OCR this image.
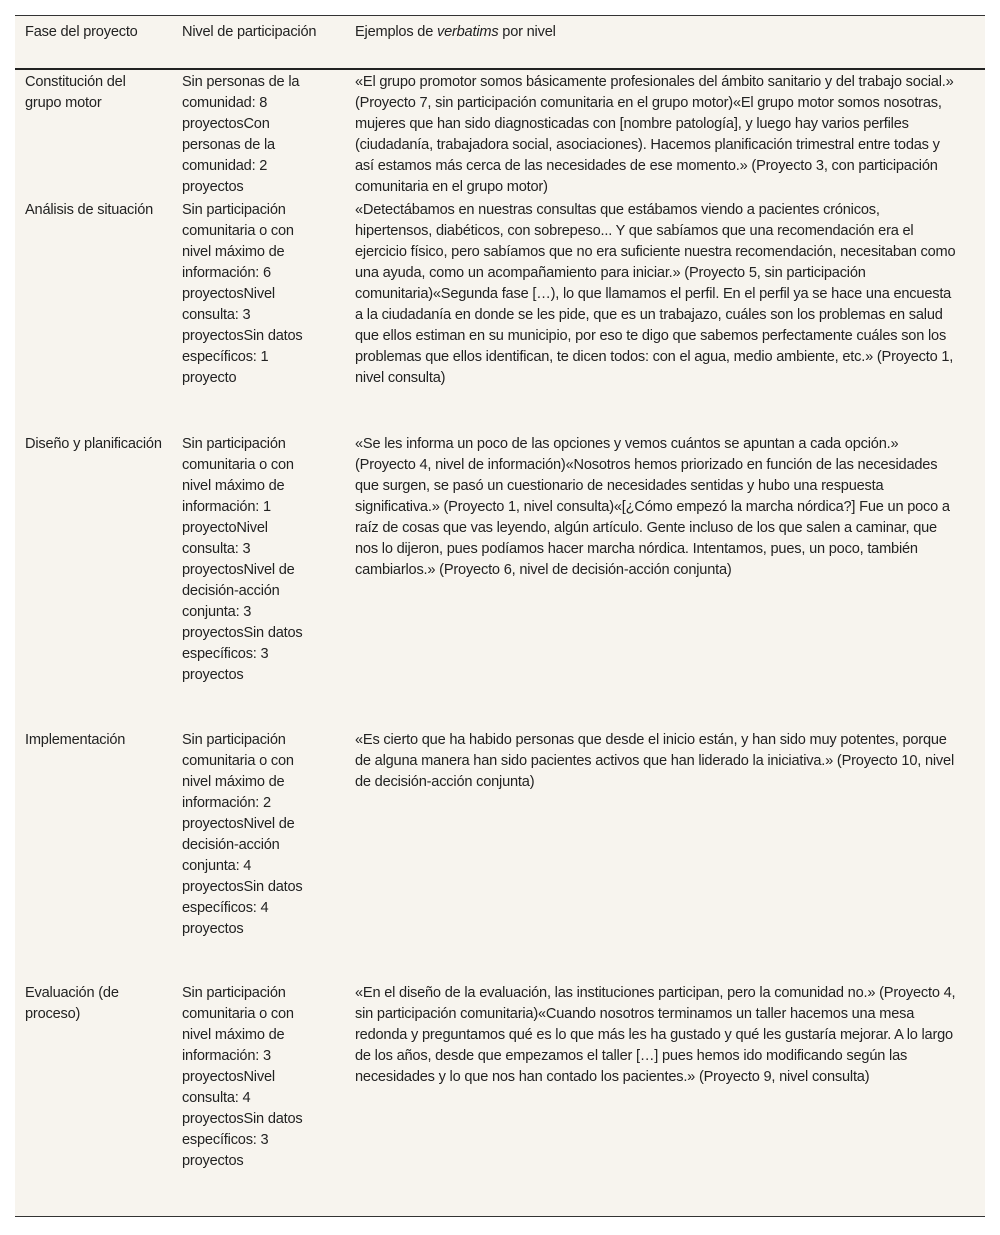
Fase del proyecto	Nivel de participación	Ejemplos de verbatims por nivel
Constitución del grupo motor	Sin personas de la comunidad: 8 proyectosCon personas de la comunidad: 2 proyectos	«El grupo promotor somos básicamente profesionales del ámbito sanitario y del trabajo social.» (Proyecto 7, sin participación comunitaria en el grupo motor)«El grupo motor somos nosotras, mujeres que han sido diagnosticadas con [nombre patología], y luego hay varios perfiles (ciudadanía, trabajadora social, asociaciones). Hacemos planificación trimestral entre todas y así estamos más cerca de las necesidades de ese momento.» (Proyecto 3, con participación comunitaria en el grupo motor)
Análisis de situación	Sin participación comunitaria o con nivel máximo de información: 6 proyectosNivel consulta: 3 proyectosSin datos específicos: 1 proyecto	«Detectábamos en nuestras consultas que estábamos viendo a pacientes crónicos, hipertensos, diabéticos, con sobrepeso... Y que sabíamos que una recomendación era el ejercicio físico, pero sabíamos que no era suficiente nuestra recomendación, necesitaban como una ayuda, como un acompañamiento para iniciar.» (Proyecto 5, sin participación comunitaria)«Segunda fase […), lo que llamamos el perfil. En el perfil ya se hace una encuesta a la ciudadanía en donde se les pide, que es un trabajazo, cuáles son los problemas en salud que ellos estiman en su municipio, por eso te digo que sabemos perfectamente cuáles son los problemas que ellos identifican, te dicen todos: con el agua, medio ambiente, etc.» (Proyecto 1, nivel consulta)
Diseño y planificación	Sin participación comunitaria o con nivel máximo de información: 1 proyectoNivel consulta: 3 proyectosNivel de decisión-acción conjunta: 3 proyectosSin datos específicos: 3 proyectos	«Se les informa un poco de las opciones y vemos cuántos se apuntan a cada opción.» (Proyecto 4, nivel de información)«Nosotros hemos priorizado en función de las necesidades que surgen, se pasó un cuestionario de necesidades sentidas y hubo una respuesta significativa.» (Proyecto 1, nivel consulta)«[¿Cómo empezó la marcha nórdica?] Fue un poco a raíz de cosas que vas leyendo, algún artículo. Gente incluso de los que salen a caminar, que nos lo dijeron, pues podíamos hacer marcha nórdica. Intentamos, pues, un poco, también cambiarlos.» (Proyecto 6, nivel de decisión-acción conjunta)
Implementación	Sin participación comunitaria o con nivel máximo de información: 2 proyectosNivel de decisión-acción conjunta: 4 proyectosSin datos específicos: 4 proyectos	«Es cierto que ha habido personas que desde el inicio están, y han sido muy potentes, porque de alguna manera han sido pacientes activos que han liderado la iniciativa.» (Proyecto 10, nivel de decisión-acción conjunta)
Evaluación (de proceso)	Sin participación comunitaria o con nivel máximo de información: 3 proyectosNivel consulta: 4 proyectosSin datos específicos: 3 proyectos	«En el diseño de la evaluación, las instituciones participan, pero la comunidad no.» (Proyecto 4, sin participación comunitaria)«Cuando nosotros terminamos un taller hacemos una mesa redonda y preguntamos qué es lo que más les ha gustado y qué les gustaría mejorar. A lo largo de los años, desde que empezamos el taller […] pues hemos ido modificando según las necesidades y lo que nos han contado los pacientes.» (Proyecto 9, nivel consulta)
